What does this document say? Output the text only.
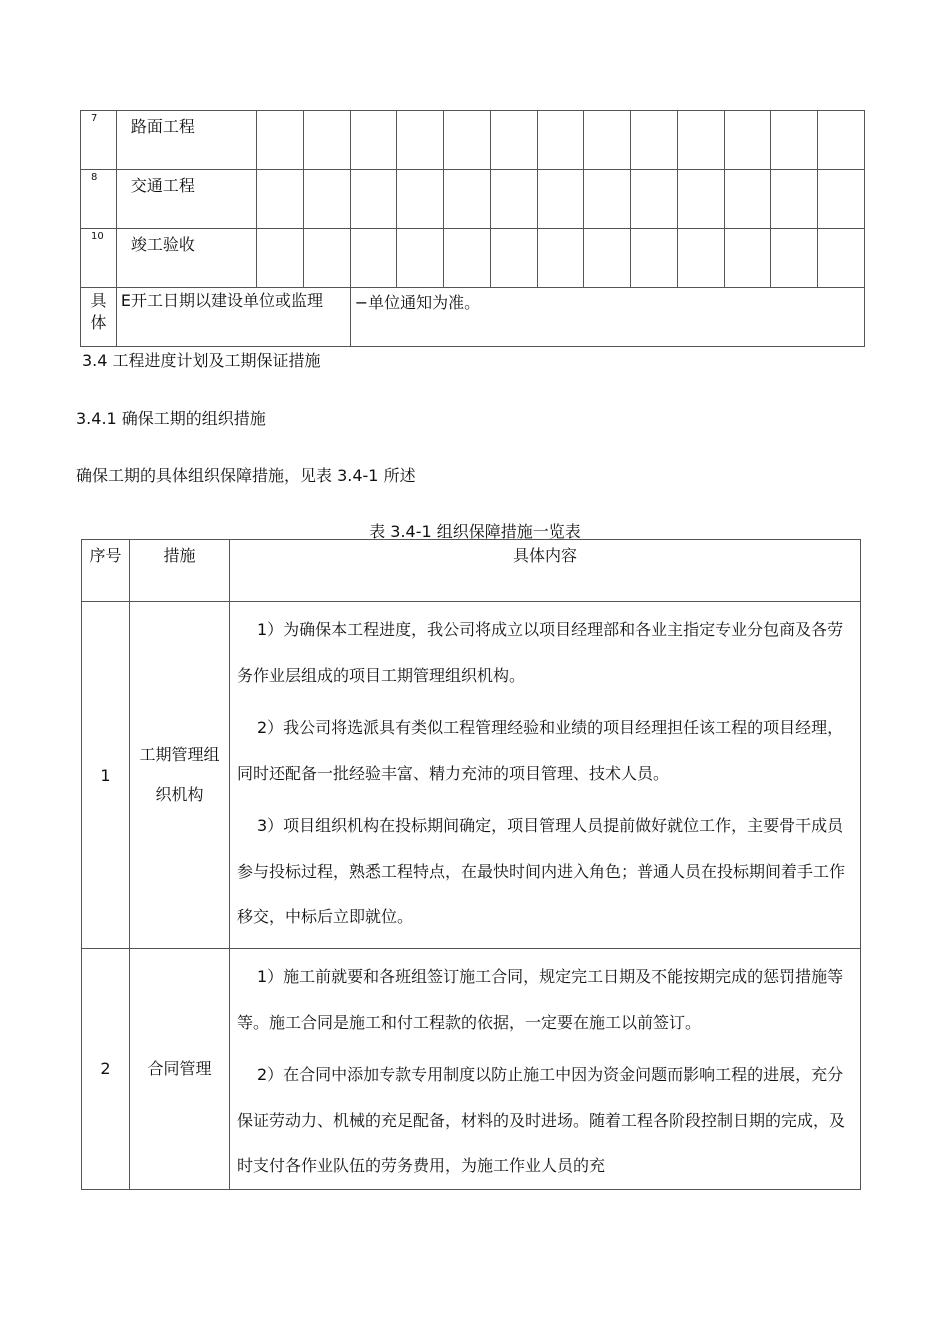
7	路面工程													
8	交通工程													
10	竣工验收													
具体	E开工日期以建设单位或监理			−单位通知为准。										
3.4 工程进度计划及工期保证措施
3.4.1 确保工期的组织措施
确保工期的具体组织保障措施，见表 3.4-1 所述
表 3.4-1 组织保障措施一览表
序号	措施	具体内容
1	工期管理组织机构	1）为确保本工程进度，我公司将成立以项目经理部和各业主指定专业分包商及各劳务作业层组成的项目工期管理组织机构。

2）我公司将选派具有类似工程管理经验和业绩的项目经理担任该工程的项目经理，同时还配备一批经验丰富、精力充沛的项目管理、技术人员。

3）项目组织机构在投标期间确定，项目管理人员提前做好就位工作，主要骨干成员参与投标过程，熟悉工程特点，在最快时间内进入角色；普通人员在投标期间着手工作移交，中标后立即就位。

2	合同管理	1）施工前就要和各班组签订施工合同，规定完工日期及不能按期完成的惩罚措施等等。施工合同是施工和付工程款的依据，一定要在施工以前签订。

2）在合同中添加专款专用制度以防止施工中因为资金问题而影响工程的进展，充分保证劳动力、机械的充足配备，材料的及时进场。随着工程各阶段控制日期的完成，及时支付各作业队伍的劳务费用，为施工作业人员的充
